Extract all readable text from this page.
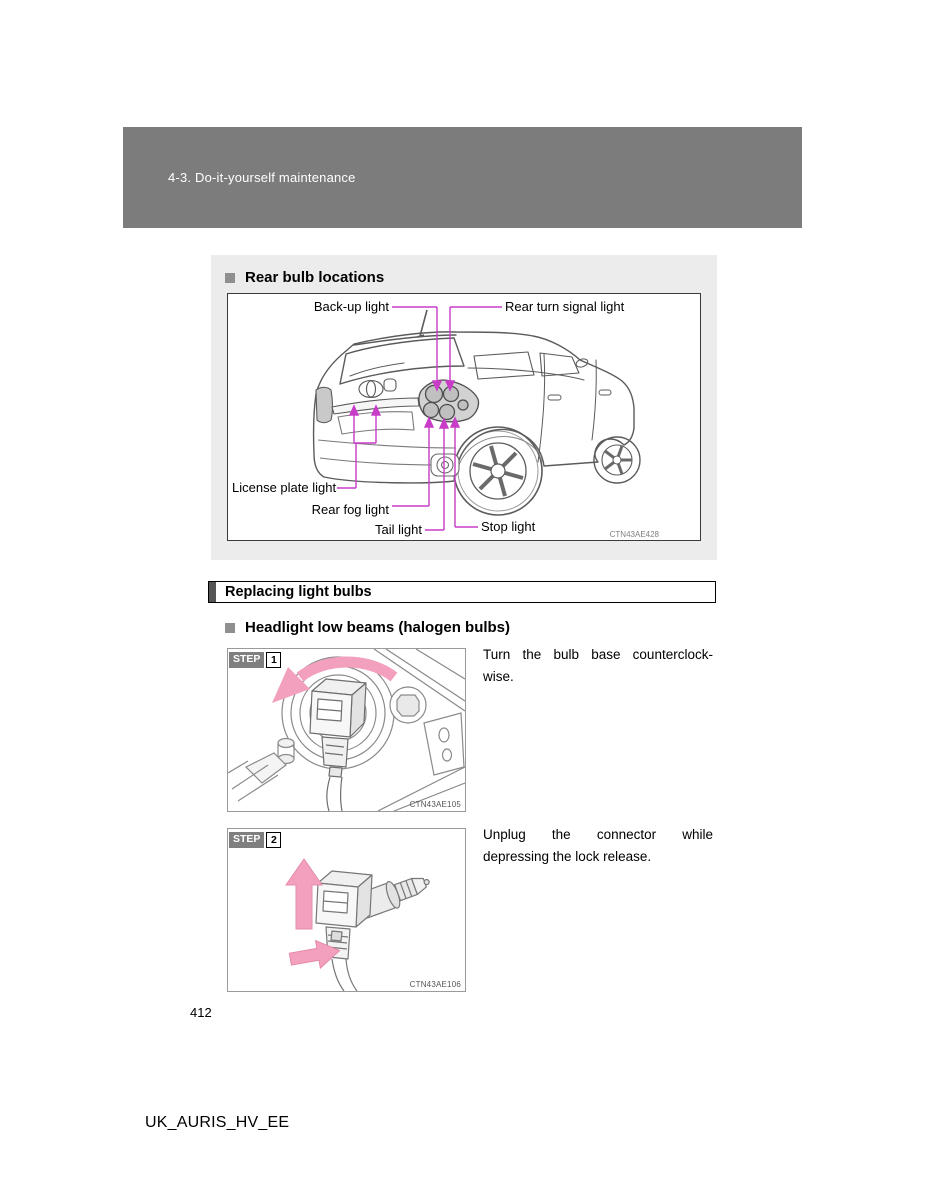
4-3. Do-it-yourself maintenance
Rear bulb locations
Back-up light	Rear turn signal light
License plate light
Rear fog light
Tail light	Stop light
CTN43AE428
Replacing light bulbs
Headlight low beams (halogen bulbs)
STEP	1
CTN43AE105
Turn the bulb base counterclock-
wise.
STEP	2
CTN43AE106
Unplug the connector while
depressing the lock release.
412
UK_AURIS_HV_EE
